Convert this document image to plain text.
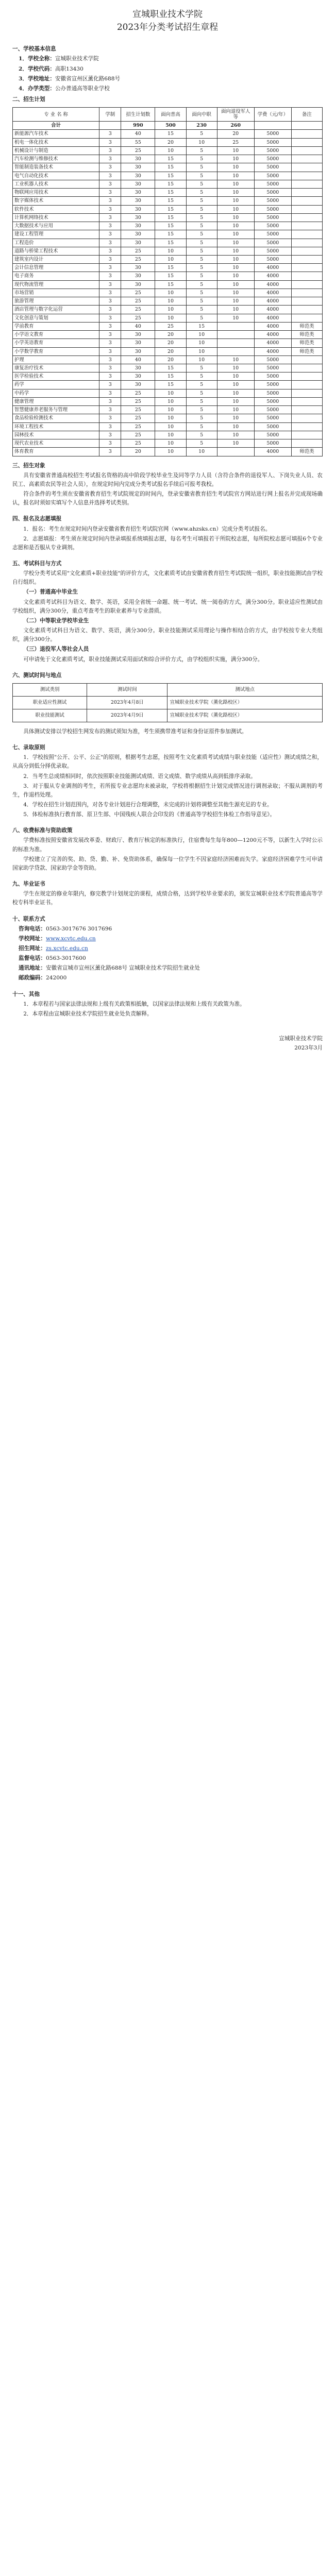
宣城职业技术学院
2023年分类考试招生章程
一、学校基本信息
1．学校全称：宣城职业技术学院
2．学校代码：高职13430
3．学校地址：安徽省宣州区薰化路688号
4．办学类型：公办普通高等职业学校
二、招生计划
专 业 名 称	学制	招生计划数	面向普高	面向中职	面向退役军人等	学费（元/年）	备注
合计		990	500	230	260		
新能源汽车技术	3	40	15	5	20	5000	
机电一体化技术	3	55	20	10	25	5000	
机械设计与制造	3	25	10	5	10	5000	
汽车检测与维修技术	3	30	15	5	10	5000	
智能制造装备技术	3	30	15	5	10	5000	
电气自动化技术	3	30	15	5	10	5000	
工业机器人技术	3	30	15	5	10	5000	
物联网应用技术	3	30	15	5	10	5000	
数字媒体技术	3	30	15	5	10	5000	
软件技术	3	30	15	5	10	5000	
计算机网络技术	3	30	15	5	10	5000	
大数据技术与应用	3	30	15	5	10	5000	
建设工程管理	3	30	15	5	10	5000	
工程造价	3	30	15	5	10	5000	
道路与桥梁工程技术	3	25	10	5	10	5000	
建筑室内设计	3	25	10	5	10	5000	
会计信息管理	3	30	15	5	10	4000	
电子商务	3	30	15	5	10	4000	
现代物流管理	3	30	15	5	10	4000	
市场营销	3	25	10	5	10	4000	
旅游管理	3	25	10	5	10	4000	
酒店管理与数字化运营	3	25	10	5	10	4000	
文化创意与策划	3	25	10	5	10	4000	
学前教育	3	40	25	15		4000	师范类
小学语文教育	3	30	20	10		4000	师范类
小学英语教育	3	30	20	10		4000	师范类
小学数学教育	3	30	20	10		4000	师范类
护理	3	40	20	10	10	5000	
康复治疗技术	3	30	15	5	10	5000	
医学检验技术	3	30	15	5	10	5000	
药学	3	30	15	5	10	5000	
中药学	3	25	10	5	10	5000	
健康管理	3	25	10	5	10	5000	
智慧健康养老服务与管理	3	25	10	5	10	5000	
食品检验检测技术	3	25	10	5	10	5000	
环境工程技术	3	25	10	5	10	5000	
园林技术	3	25	10	5	10	5000	
现代农业技术	3	25	10	5	10	5000	
体育教育	3	20	10	10		4000	师范类
三、招生对象

具有安徽省普通高校招生考试报名资格的高中阶段学校毕业生及同等学力人员（含符合条件的退役军人、下岗失业人员、农民工、高素质农民等社会人员），在规定时间内完成分类考试报名手续后可报考我校。

符合条件的考生须在安徽省教育招生考试院规定的时间内，登录安徽省教育招生考试院官方网站进行网上报名并完成现场确认，报名时须如实填写个人信息并选择考试类别。

四、报名及志愿填报

1．报名：考生在规定时间内登录安徽省教育招生考试院官网（www.ahzsks.cn）完成分类考试报名。

2．志愿填报：考生须在规定时间内登录填报系统填报志愿，每名考生可填报若干所院校志愿，每所院校志愿可填报6个专业志愿和是否服从专业调剂。

五、考试科目与方式

学校分类考试采用"文化素质+职业技能"的评价方式，文化素质考试由安徽省教育招生考试院统一组织，职业技能测试由学校自行组织。

（一）普通高中毕业生

文化素质考试科目为语文、数学、英语，采用全省统一命题、统一考试、统一阅卷的方式，满分300分。职业适应性测试由学校组织，满分300分，重点考查考生的职业素养与专业潜质。

（二）中等职业学校毕业生

文化素质考试科目为语文、数学、英语，满分300分。职业技能测试采用理论与操作相结合的方式，由学校按专业大类组织，满分300分。

（三）退役军人等社会人员

可申请免于文化素质考试，职业技能测试采用面试和综合评价方式，由学校组织实施，满分300分。

六、测试时间与地点
测试类别	测试时间	测试地点
职业适应性测试	2023年4月8日	宣城职业技术学院（薰化路校区）
职业技能测试	2023年4月9日	宣城职业技术学院（薰化路校区）

具体测试安排以学校招生网发布的测试须知为准，考生须携带准考证和身份证原件参加测试。

七、录取原则

1．学校按照"公开、公平、公正"的原则，根据考生志愿，按照考生文化素质考试成绩与职业技能（适应性）测试成绩之和，从高分到低分择优录取。

2．当考生总成绩相同时，依次按照职业技能测试成绩、语文成绩、数学成绩从高到低排序录取。

3．对于服从专业调剂的考生，若所报专业志愿均未被录取，学校将根据招生计划完成情况进行调剂录取；不服从调剂的考生，作退档处理。

4．学校在招生计划范围内，对各专业计划进行合理调整，未完成的计划将调整至其他生源充足的专业。

5．体检标准执行教育部、原卫生部、中国残疾人联合会印发的《普通高等学校招生体检工作指导意见》。

八、收费标准与资助政策

学费标准按照安徽省发展改革委、财政厅、教育厅核定的标准执行，住宿费每生每年800—1200元不等，以新生入学时公示的标准为准。

学校建立了完善的奖、助、贷、勤、补、免资助体系，确保每一位学生不因家庭经济困难而失学。家庭经济困难学生可申请国家助学贷款、国家助学金等资助。

九、毕业证书

学生在规定的修业年限内，修完教学计划规定的课程，成绩合格，达到学校毕业要求的，颁发宣城职业技术学院普通高等学校专科毕业证书。

十、联系方式
咨询电话：0563-3017676 3017696
学校网址：www.xcvtc.edu.cn
招生网址：zs.xcvtc.edu.cn
监督电话：0563-3017600
通讯地址：安徽省宣城市宣州区薰化路688号 宣城职业技术学院招生就业处
邮政编码：242000
十一、其他

1．本章程若与国家法律法规和上级有关政策相抵触，以国家法律法规和上级有关政策为准。

2．本章程由宣城职业技术学院招生就业处负责解释。

宣城职业技术学院
2023年3月
